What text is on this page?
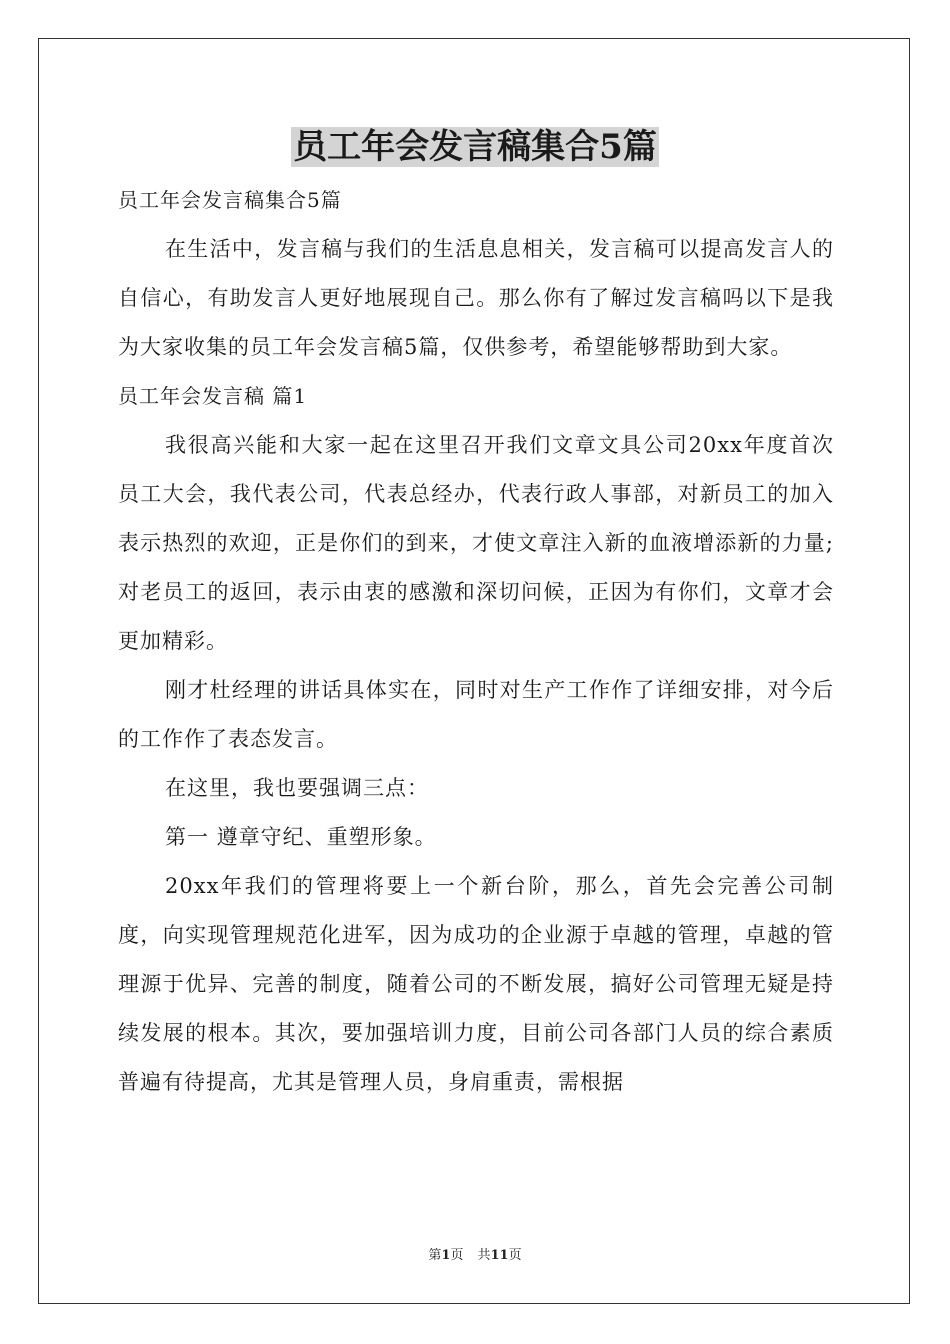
员工年会发言稿集合5篇

员工年会发言稿集合5篇

在生活中，发言稿与我们的生活息息相关，发言稿可以提高发言人的自信心，有助发言人更好地展现自己。那么你有了解过发言稿吗以下是我为大家收集的员工年会发言稿5篇，仅供参考，希望能够帮助到大家。

员工年会发言稿 篇1

我很高兴能和大家一起在这里召开我们文章文具公司20xx年度首次员工大会，我代表公司，代表总经办，代表行政人事部，对新员工的加入表示热烈的欢迎，正是你们的到来，才使文章注入新的血液增添新的力量;对老员工的返回，表示由衷的感激和深切问候，正因为有你们，文章才会更加精彩。

刚才杜经理的讲话具体实在，同时对生产工作作了详细安排，对今后的工作作了表态发言。

在这里，我也要强调三点：

第一 遵章守纪、重塑形象。

20xx年我们的管理将要上一个新台阶，那么，首先会完善公司制度，向实现管理规范化进军，因为成功的企业源于卓越的管理，卓越的管理源于优异、完善的制度，随着公司的不断发展，搞好公司管理无疑是持续发展的根本。其次，要加强培训力度，目前公司各部门人员的综合素质普遍有待提高，尤其是管理人员，身肩重责，需根据

第1页 共11页
